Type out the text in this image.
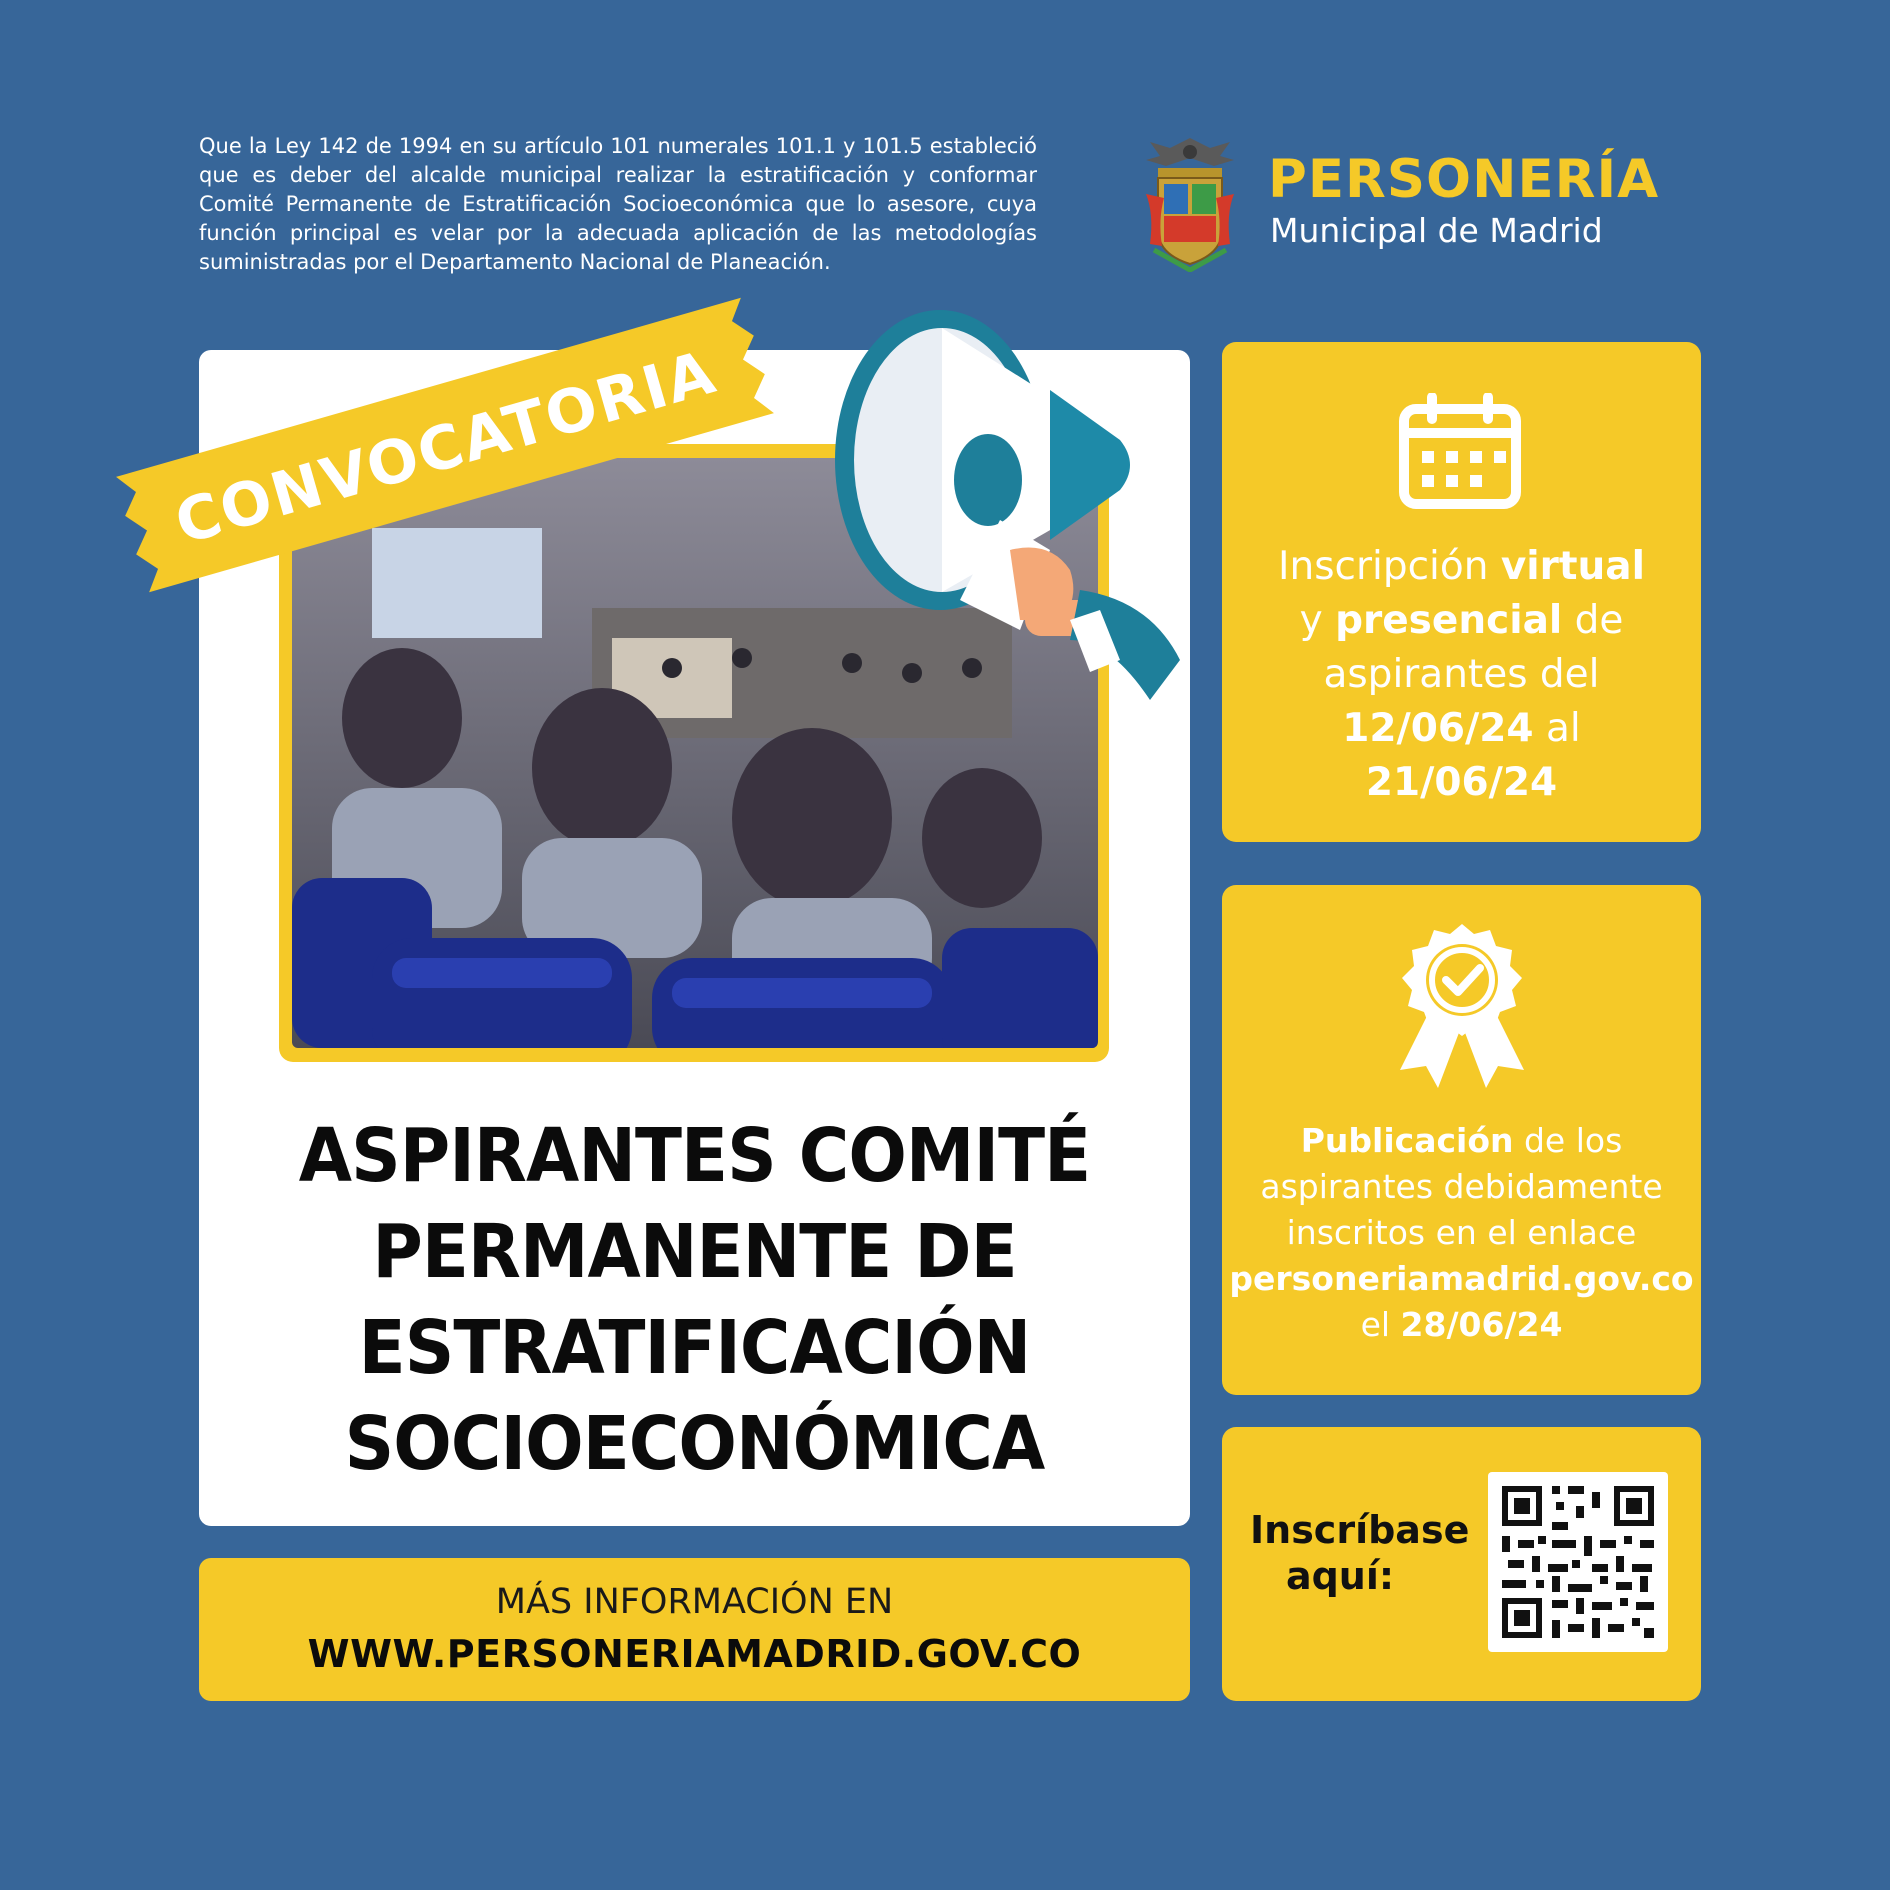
Que la Ley 142 de 1994 en su artículo 101 numerales 101.1 y 101.5 estableció que es deber del alcalde municipal realizar la estratificación y conformar Comité Permanente de Estratificación Socioeconómica que lo asesore, cuya función principal es velar por la adecuada aplicación de las metodologías suministradas por el Departamento Nacional de Planeación.
PERSONERÍA
Municipal de Madrid
ASPIRANTES COMITÉ
PERMANENTE DE
ESTRATIFICACIÓN
SOCIOECONÓMICA
CONVOCATORIA
MÁS INFORMACIÓN EN
WWW.PERSONERIAMADRID.GOV.CO
Inscripción virtual
y presencial de
aspirantes del
12/06/24 al
21/06/24
Publicación de los
aspirantes debidamente
inscritos en el enlace
personeriamadrid.gov.co
el 28/06/24
Inscríbase
aquí:
